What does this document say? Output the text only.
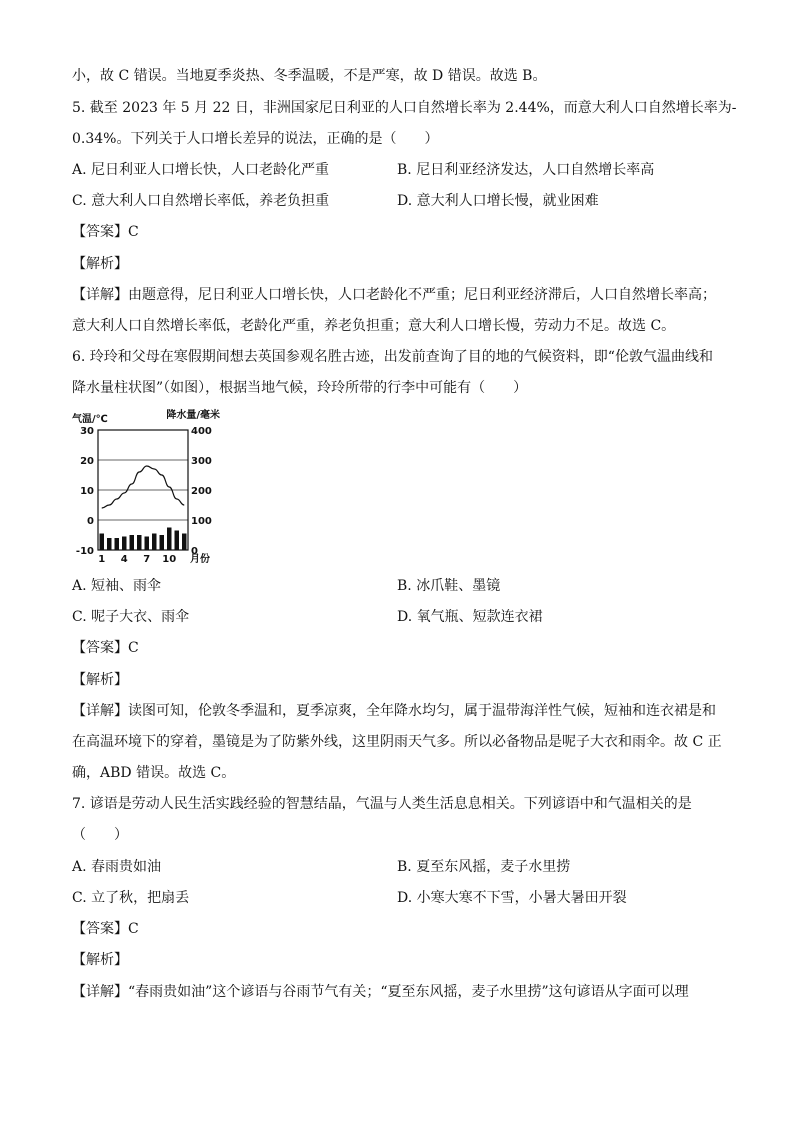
小，故 C 错误。当地夏季炎热、冬季温暖，不是严寒，故 D 错误。故选 B。
5. 截至 2023 年 5 月 22 日，非洲国家尼日利亚的人口自然增长率为 2.44%，而意大利人口自然增长率为-
0.34%。下列关于人口增长差异的说法，正确的是（　　）
A. 尼日利亚人口增长快，人口老龄化严重	B. 尼日利亚经济发达，人口自然增长率高
C. 意大利人口自然增长率低，养老负担重	D. 意大利人口增长慢，就业困难
【答案】C
【解析】
【详解】由题意得，尼日利亚人口增长快，人口老龄化不严重；尼日利亚经济滞后，人口自然增长率高；
意大利人口自然增长率低，老龄化严重，养老负担重；意大利人口增长慢，劳动力不足。故选 C。
6. 玲玲和父母在寒假期间想去英国参观名胜古迹，出发前查询了目的地的气候资料，即“伦敦气温曲线和
降水量柱状图”（如图），根据当地气候，玲玲所带的行李中可能有（　　）
气温/℃	降水量/毫米
30
20
10
0
-10
400
300
200
100
0
1 4 7 10 月份
A. 短袖、雨伞	B. 冰爪鞋、墨镜
C. 呢子大衣、雨伞	D. 氧气瓶、短款连衣裙
【答案】C
【解析】
【详解】读图可知，伦敦冬季温和，夏季凉爽，全年降水均匀，属于温带海洋性气候，短袖和连衣裙是和
在高温环境下的穿着，墨镜是为了防紫外线，这里阴雨天气多。所以必备物品是呢子大衣和雨伞。故 C 正
确，ABD 错误。故选 C。
7. 谚语是劳动人民生活实践经验的智慧结晶，气温与人类生活息息相关。下列谚语中和气温相关的是
（　　）
A. 春雨贵如油	B. 夏至东风摇，麦子水里捞
C. 立了秋，把扇丢	D. 小寒大寒不下雪，小暑大暑田开裂
【答案】C
【解析】
【详解】“春雨贵如油”这个谚语与谷雨节气有关；“夏至东风摇，麦子水里捞”这句谚语从字面可以理
